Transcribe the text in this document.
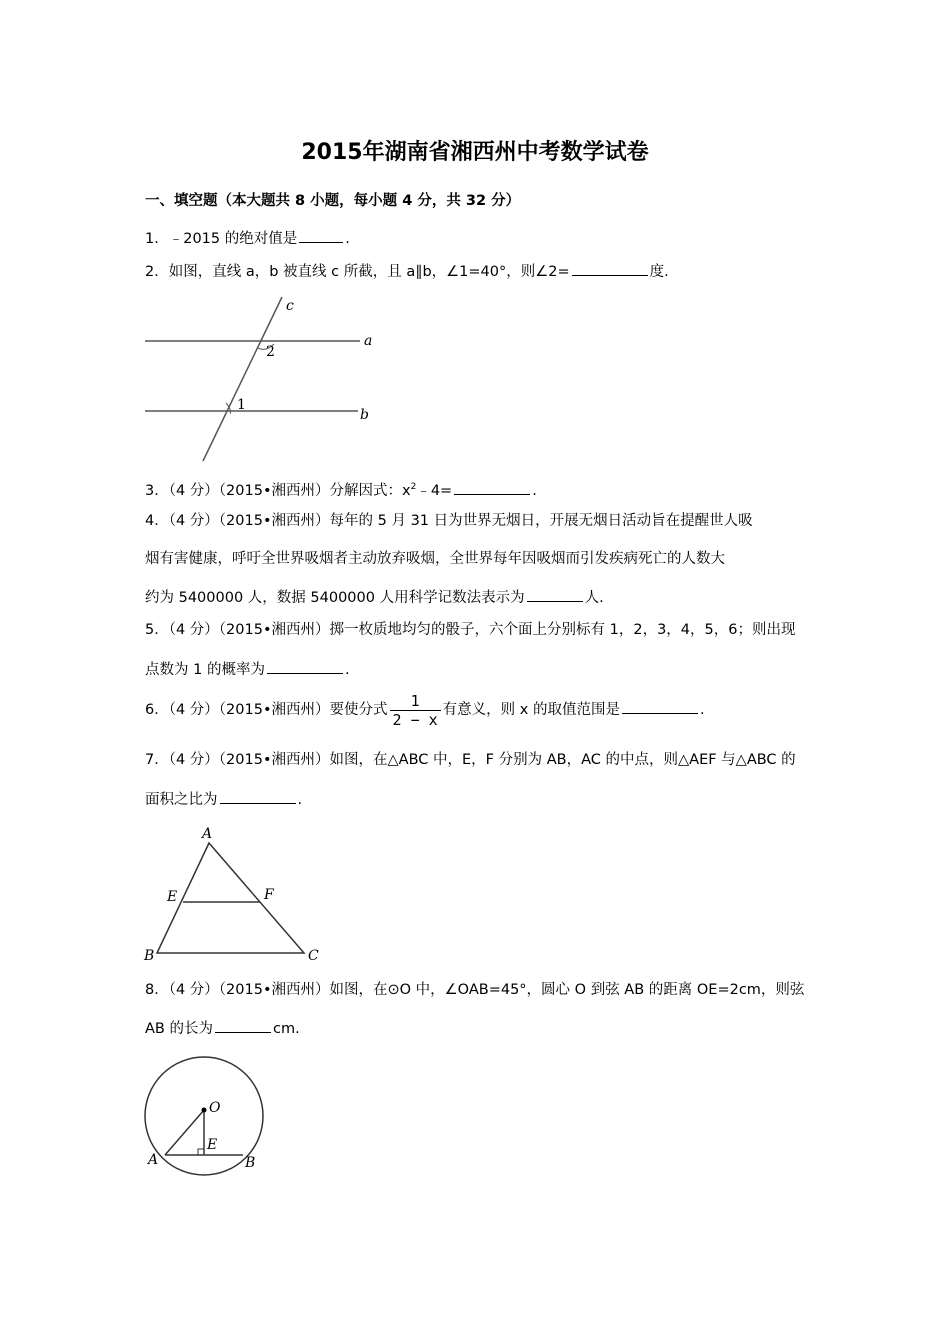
2015年湖南省湘西州中考数学试卷
一、填空题（本大题共 8 小题，每小题 4 分，共 32 分）
1．﹣2015 的绝对值是	.
2．如图，直线 a，b 被直线 c 所截，且 a∥b，∠1=40°，则∠2=	度.
c
a
b
1
2
3．（4 分）（2015•湘西州）分解因式：$x^2﹣4=$	.
4．（4 分）（2015•湘西州）每年的 5 月 31 日为世界无烟日，开展无烟日活动旨在提醒世人吸
烟有害健康，呼吁全世界吸烟者主动放弃吸烟，全世界每年因吸烟而引发疾病死亡的人数大
约为 5400000 人，数据 5400000 人用科学记数法表示为	人.
5．（4 分）（2015•湘西州）掷一枚质地均匀的骰子，六个面上分别标有 1，2，3，4，5，6；则出现
点数为 1 的概率为	.
6．（4 分）（2015•湘西州）要使分式 $\frac{1}{2 - x}$ 有意义，则 x 的取值范围是	.
7．（4 分）（2015•湘西州）如图，在△ABC 中，E，F 分别为 AB，AC 的中点，则△AEF 与△ABC 的
面积之比为	.
A
B	C
E	F
8．（4 分）（2015•湘西州）如图，在⊙O 中，∠OAB=45°，圆心 O 到弦 AB 的距离 OE=2cm，则弦
AB 的长为	cm.
O
E
A	B
